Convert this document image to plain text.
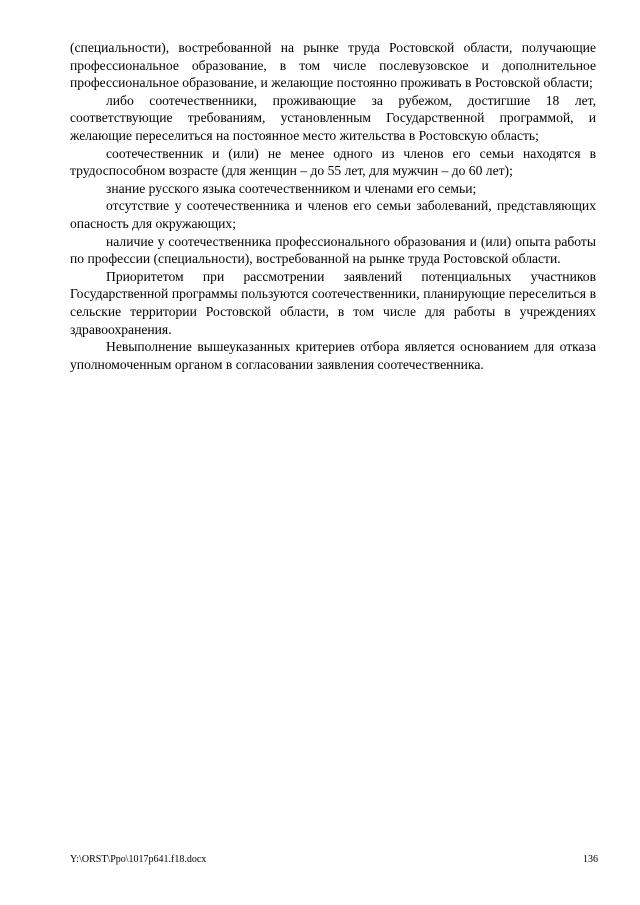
(специальности), востребованной на рынке труда Ростовской области, получающие профессиональное образование, в том числе послевузовское и дополнительное профессиональное образование, и желающие постоянно проживать в Ростовской области;

либо соотечественники, проживающие за рубежом, достигшие 18 лет, соответствующие требованиям, установленным Государственной программой, и желающие переселиться на постоянное место жительства в Ростовскую область;

соотечественник и (или) не менее одного из членов его семьи находятся в трудоспособном возрасте (для женщин – до 55 лет, для мужчин – до 60 лет);

знание русского языка соотечественником и членами его семьи;

отсутствие у соотечественника и членов его семьи заболеваний, представляющих опасность для окружающих;

наличие у соотечественника профессионального образования и (или) опыта работы по профессии (специальности), востребованной на рынке труда Ростовской области.

Приоритетом при рассмотрении заявлений потенциальных участников Государственной программы пользуются соотечественники, планирующие переселиться в сельские территории Ростовской области, в том числе для работы в учреждениях здравоохранения.

Невыполнение вышеуказанных критериев отбора является основанием для отказа уполномоченным органом в согласовании заявления соотечественника.

Y:\ORST\Ppo\1017p641.f18.docx	136
